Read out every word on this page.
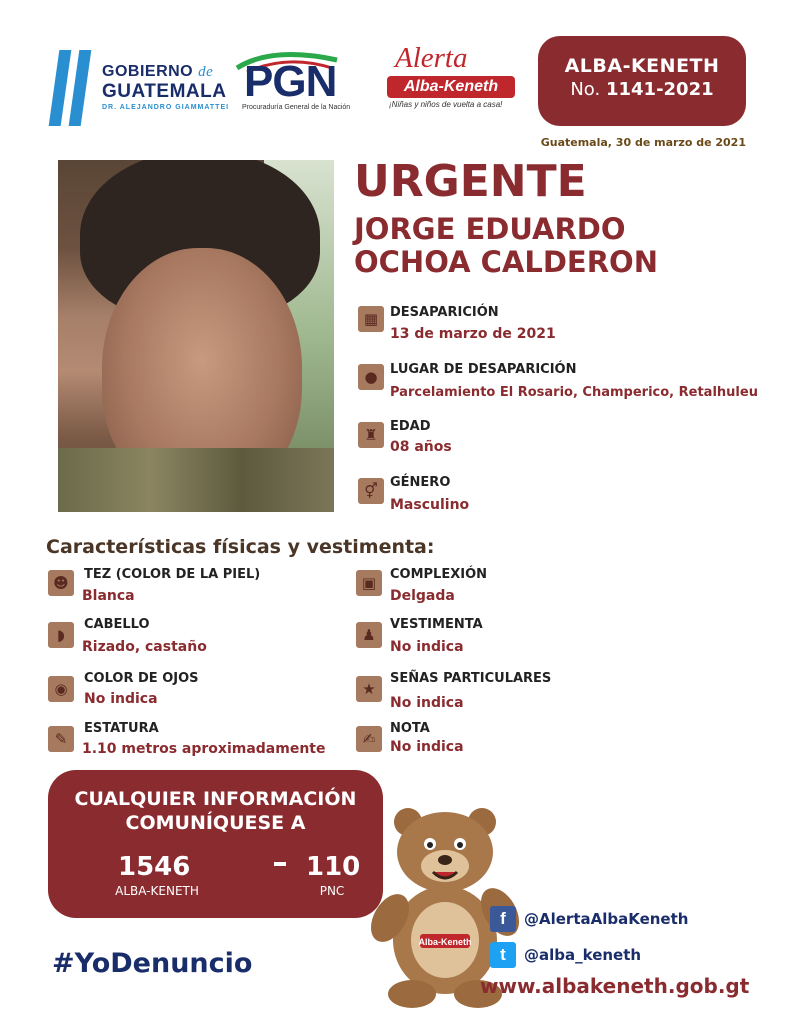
GOBIERNO de
GUATEMALA
DR. ALEJANDRO GIAMMATTEI
PGN
Procuraduría General de la Nación
Alerta
Alba-Keneth
¡Niñas y niños de vuelta a casa!
ALBA-KENETH
No. 1141-2021
Guatemala, 30 de marzo de 2021
URGENTE
JORGE EDUARDO
OCHOA CALDERON
▦ DESAPARICIÓN
13 de marzo de 2021
● LUGAR DE DESAPARICIÓN
Parcelamiento El Rosario, Champerico, Retalhuleu
♜ EDAD
08 años
⚥ GÉNERO
Masculino
Características físicas y vestimenta:
☻	TEZ (COLOR DE LA PIEL)
Blanca
◗
CABELLO
Rizado, castaño
◉
COLOR DE OJOS
No indica
✎
ESTATURA
1.10 metros aproximadamente
▣	COMPLEXIÓN
Delgada
♟
VESTIMENTA
No indica
★
SEÑAS PARTICULARES
No indica
✍
NOTA
No indica
CUALQUIER INFORMACIÓN
COMUNÍQUESE A
1546
ALBA-KENETH
110
PNC
#YoDenuncio
Alba-Keneth
f	@AlertaAlbaKeneth
t	@alba_keneth
www.albakeneth.gob.gt
